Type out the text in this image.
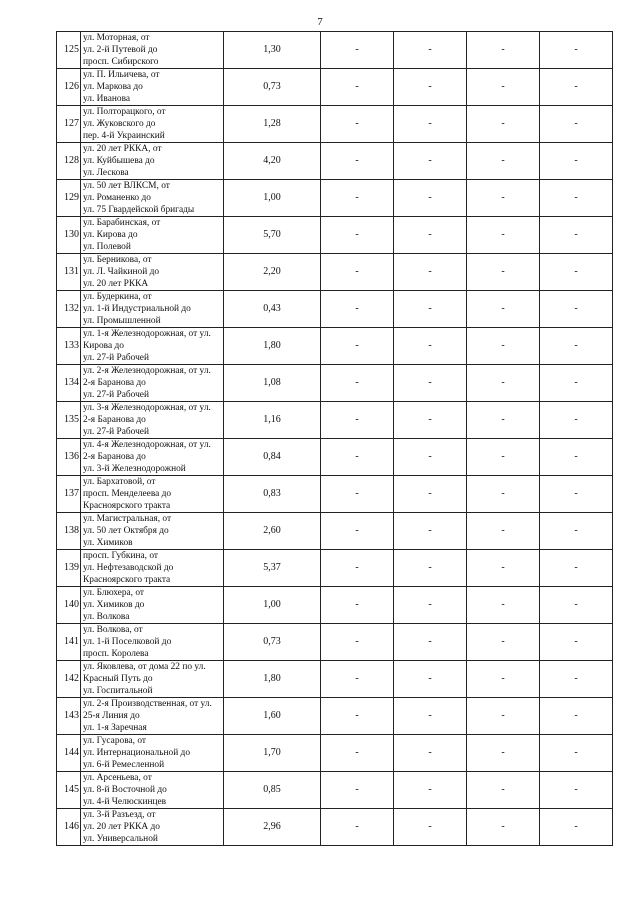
7
125	ул. Моторная, от
ул. 2-й Путевой до
просп. Сибирского	1,30	-	-	-	-
126	ул. П. Ильичева, от
ул. Маркова до
ул. Иванова	0,73	-	-	-	-
127	ул. Полторацкого, от
ул. Жуковского до
пер. 4-й Украинский	1,28	-	-	-	-
128	ул. 20 лет РККА, от
ул. Куйбышева до
ул. Лескова	4,20	-	-	-	-
129	ул. 50 лет ВЛКСМ, от
ул. Романенко до
ул. 75 Гвардейской бригады	1,00	-	-	-	-
130	ул. Барабинская, от
ул. Кирова до
ул. Полевой	5,70	-	-	-	-
131	ул. Берникова, от
ул. Л. Чайкиной до
ул. 20 лет РККА	2,20	-	-	-	-
132	ул. Будеркина, от
ул. 1-й Индустриальной до
ул. Промышленной	0,43	-	-	-	-
133	ул. 1-я Железнодорожная, от ул.
Кирова до
ул. 27-й Рабочей	1,80	-	-	-	-
134	ул. 2-я Железнодорожная, от ул.
2-я Баранова до
ул. 27-й Рабочей	1,08	-	-	-	-
135	ул. 3-я Железнодорожная, от ул.
2-я Баранова до
ул. 27-й Рабочей	1,16	-	-	-	-
136	ул. 4-я Железнодорожная, от ул.
2-я Баранова до
ул. 3-й Железнодорожной	0,84	-	-	-	-
137	ул. Бархатовой, от
просп. Менделеева до
Красноярского тракта	0,83	-	-	-	-
138	ул. Магистральная, от
ул. 50 лет Октября до
ул. Химиков	2,60	-	-	-	-
139	просп. Губкина, от
ул. Нефтезаводской до
Красноярского тракта	5,37	-	-	-	-
140	ул. Блюхера, от
ул. Химиков до
ул. Волкова	1,00	-	-	-	-
141	ул. Волкова, от
ул. 1-й Поселковой до
просп. Королева	0,73	-	-	-	-
142	ул. Яковлева, от дома 22 по ул.
Красный Путь до
ул. Госпитальной	1,80	-	-	-	-
143	ул. 2-я Производственная, от ул.
25-я Линия до
ул. 1-я Заречная	1,60	-	-	-	-
144	ул. Гусарова, от
ул. Интернациональной до
ул. 6-й Ремесленной	1,70	-	-	-	-
145	ул. Арсеньева, от
ул. 8-й Восточной до
ул. 4-й Челюскинцев	0,85	-	-	-	-
146	ул. 3-й Разъезд, от
ул. 20 лет РККА до
ул. Универсальной	2,96	-	-	-	-
